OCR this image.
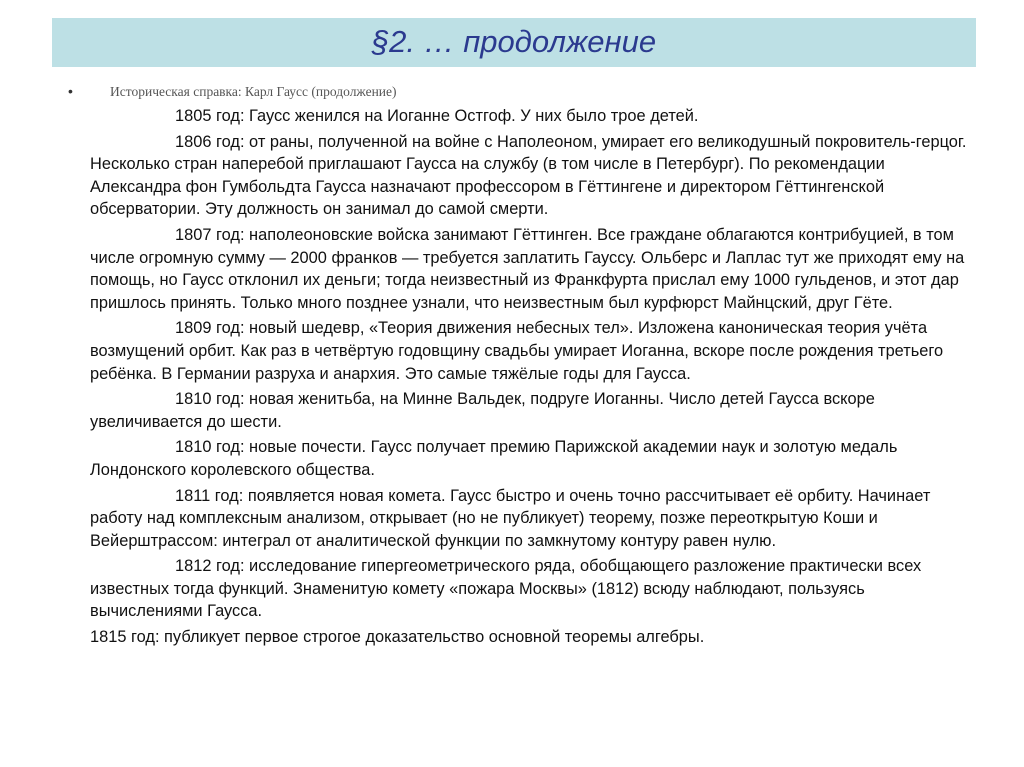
§2. … продолжение
•	Историческая справка: Карл Гаусс (продолжение)

1805 год: Гаусс женился на Иоганне Остгоф. У них было трое детей.

1806 год: от раны, полученной на войне с Наполеоном, умирает его великодушный покровитель-герцог. Несколько стран наперебой приглашают Гаусса на службу (в том числе в Петербург). По рекомендации Александра фон Гумбольдта Гаусса назначают профессором в Гёттингене и директором Гёттингенской обсерватории. Эту должность он занимал до самой смерти.

1807 год: наполеоновские войска занимают Гёттинген. Все граждане облагаются контрибуцией, в том числе огромную сумму — 2000 франков — требуется заплатить Гауссу. Ольберс и Лаплас тут же приходят ему на помощь, но Гаусс отклонил их деньги; тогда неизвестный из Франкфурта прислал ему 1000 гульденов, и этот дар пришлось принять. Только много позднее узнали, что неизвестным был курфюрст Майнцский, друг Гёте.

1809 год: новый шедевр, «Теория движения небесных тел». Изложена каноническая теория учёта возмущений орбит. Как раз в четвёртую годовщину свадьбы умирает Иоганна, вскоре после рождения третьего ребёнка. В Германии разруха и анархия. Это самые тяжёлые годы для Гаусса.

1810 год: новая женитьба, на Минне Вальдек, подруге Иоганны. Число детей Гаусса вскоре увеличивается до шести.

1810 год: новые почести. Гаусс получает премию Парижской академии наук и золотую медаль Лондонского королевского общества.

1811 год: появляется новая комета. Гаусс быстро и очень точно рассчитывает её орбиту. Начинает работу над комплексным анализом, открывает (но не публикует) теорему, позже переоткрытую Коши и Вейерштрассом: интеграл от аналитической функции по замкнутому контуру равен нулю.

1812 год: исследование гипергеометрического ряда, обобщающего разложение практически всех известных тогда функций. Знаменитую комету «пожара Москвы» (1812) всюду наблюдают, пользуясь вычислениями Гаусса.

1815 год: публикует первое строгое доказательство основной теоремы алгебры.
